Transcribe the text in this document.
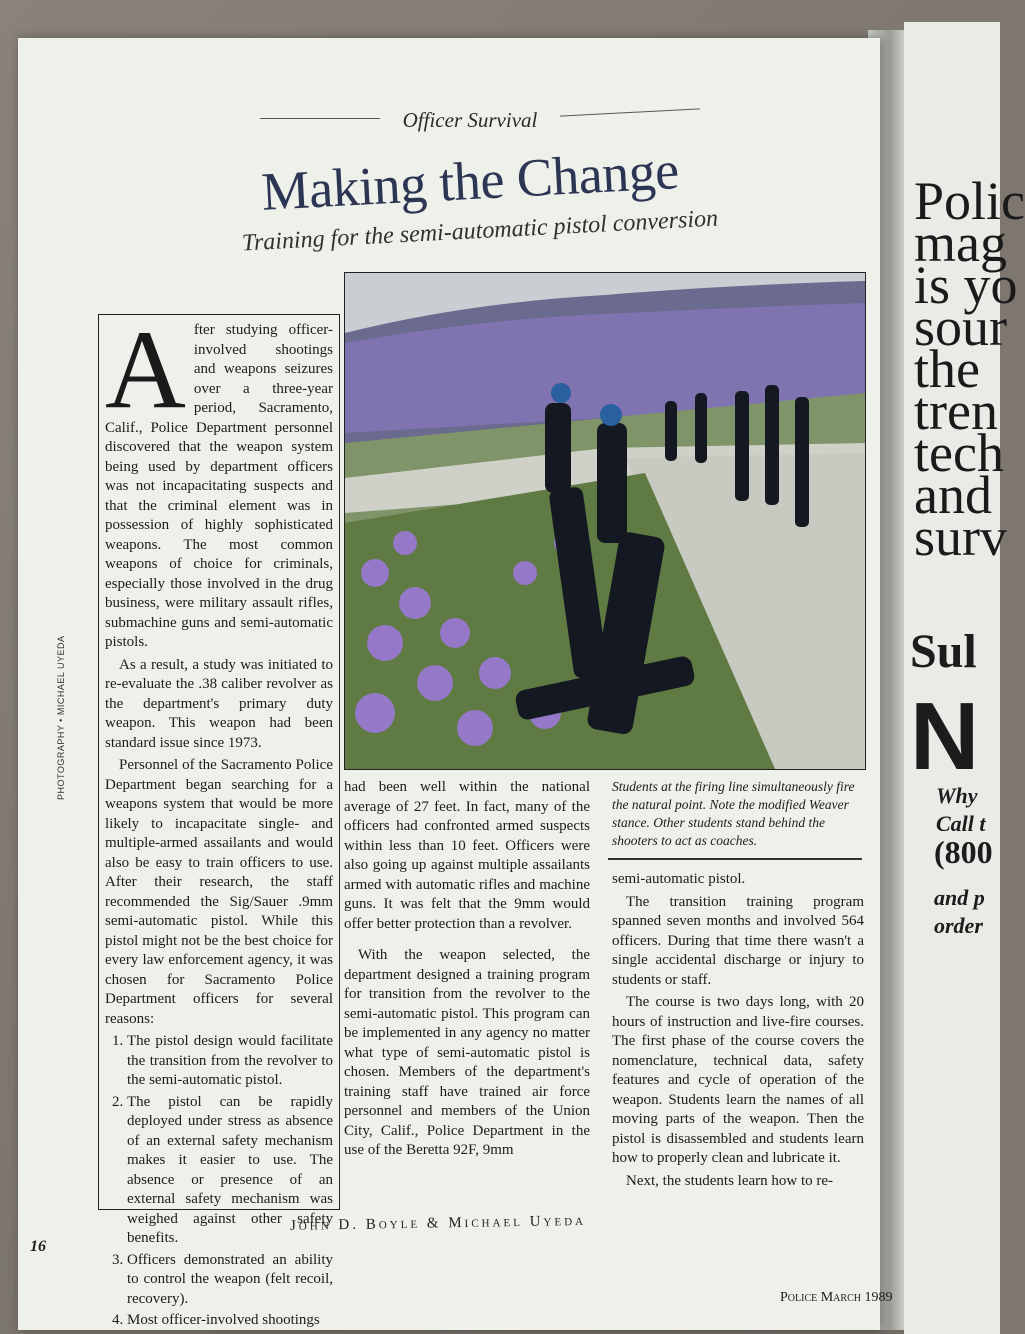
Polic
mag
is yo
sour
the
tren
tech
and
surv
Sul
N
Why
Call t
(800
and p
order
Officer Survival
Making the Change
Training for the semi-automatic pistol conversion
PHOTOGRAPHY • MICHAEL UYEDA

After studying officer-involved shootings and weapons seizures over a three-year period, Sacramento, Calif., Police Department personnel discovered that the weapon system being used by department officers was not incapacitating suspects and that the criminal element was in possession of highly sophisticated weapons. The most common weapons of choice for criminals, especially those involved in the drug business, were military assault rifles, submachine guns and semi-automatic pistols.

As a result, a study was initiated to re-evaluate the .38 caliber revolver as the department's primary duty weapon. This weapon had been standard issue since 1973.

Personnel of the Sacramento Police Department began searching for a weapons system that would be more likely to incapacitate single- and multiple-armed assailants and would also be easy to train officers to use. After their research, the staff recommended the Sig/Sauer .9mm semi-automatic pistol. While this pistol might not be the best choice for every law enforcement agency, it was chosen for Sacramento Police Department officers for several reasons:

1. The pistol design would facilitate the transition from the revolver to the semi-automatic pistol.
2. The pistol can be rapidly deployed under stress as absence of an external safety mechanism makes it easier to use. The absence or presence of an external safety mechanism was weighed against other safety benefits.
3. Officers demonstrated an ability to control the weapon (felt recoil, recovery).
4. Most officer-involved shootings

had been well within the national average of 27 feet. In fact, many of the officers had confronted armed suspects within less than 10 feet. Officers were also going up against multiple assailants armed with automatic rifles and machine guns. It was felt that the 9mm would offer better protection than a revolver.

With the weapon selected, the department designed a training program for transition from the revolver to the semi-automatic pistol. This program can be implemented in any agency no matter what type of semi-automatic pistol is chosen. Members of the department's training staff have trained air force personnel and members of the Union City, Calif., Police Department in the use of the Beretta 92F, 9mm

Students at the firing line simultaneously fire the natural point. Note the modified Weaver stance. Other students stand behind the shooters to act as coaches.

semi-automatic pistol.

The transition training program spanned seven months and involved 564 officers. During that time there wasn't a single accidental discharge or injury to students or staff.

The course is two days long, with 20 hours of instruction and live-fire courses. The first phase of the course covers the nomenclature, technical data, safety features and cycle of operation of the weapon. Students learn the names of all moving parts of the weapon. Then the pistol is disassembled and students learn how to properly clean and lubricate it.

Next, the students learn how to re-

John D. Boyle & Michael Uyeda
16
Police March 1989
